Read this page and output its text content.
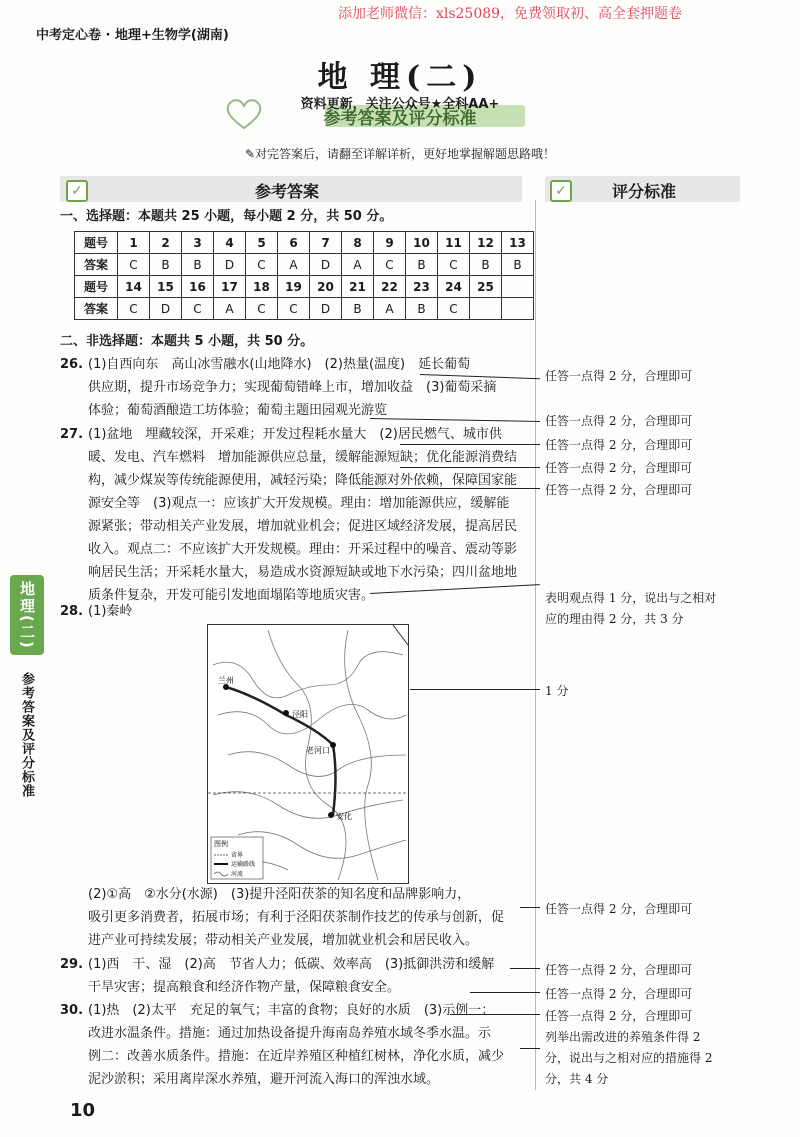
添加老师微信：xls25089，免费领取初、高全套押题卷
中考定心卷 · 地理+生物学(湖南)
地 理(二)
资料更新，关注公众号★全科AA+
参考答案及评分标准
✎对完答案后，请翻至详解详析，更好地掌握解题思路哦！
✓	参考答案	✓	评分标准
一、选择题：本题共 25 小题，每小题 2 分，共 50 分。
题号	1	2	3	4	5	6	7	8	9	10	11	12	13
答案	C	B	B	D	C	A	D	A	C	B	C	B	B
题号	14	15	16	17	18	19	20	21	22	23	24	25	
答案	C	D	C	A	C	C	D	B	A	B	C		
二、非选择题：本题共 5 小题，共 50 分。
26. (1)自西向东　高山冰雪融水(山地降水)　(2)热量(温度)　延长葡萄
供应期，提升市场竞争力；实现葡萄错峰上市，增加收益　(3)葡萄采摘
体验；葡萄酒酿造工坊体验；葡萄主题田园观光游览
27. (1)盆地　埋藏较深，开采难；开发过程耗水量大　(2)居民燃气、城市供
暖、发电、汽车燃料　增加能源供应总量，缓解能源短缺；优化能源消费结
构，减少煤炭等传统能源使用，减轻污染；降低能源对外依赖，保障国家能
源安全等　(3)观点一：应该扩大开发规模。理由：增加能源供应，缓解能
源紧张；带动相关产业发展，增加就业机会；促进区域经济发展，提高居民
收入。观点二：不应该扩大开发规模。理由：开采过程中的噪音、震动等影
响居民生活；开采耗水量大，易造成水资源短缺或地下水污染；四川盆地地
质条件复杂，开发可能引发地面塌陷等地质灾害。
28. (1)秦岭
兰州
泾阳
老河口
安化
图例
省界
运输路线
河流
(2)①高　②水分(水源)　(3)提升泾阳茯茶的知名度和品牌影响力，
吸引更多消费者，拓展市场；有利于泾阳茯茶制作技艺的传承与创新，促
进产业可持续发展；带动相关产业发展，增加就业机会和居民收入。
29. (1)西　干、湿　(2)高　节省人力；低碳、效率高　(3)抵御洪涝和缓解
干旱灾害；提高粮食和经济作物产量，保障粮食安全。
30. (1)热　(2)太平　充足的氧气；丰富的食物；良好的水质　(3)示例一：
改进水温条件。措施：通过加热设备提升海南岛养殖水域冬季水温。示
例二：改善水质条件。措施：在近岸养殖区种植红树林，净化水质，减少
泥沙淤积；采用离岸深水养殖，避开河流入海口的浑浊水域。
任答一点得 2 分，合理即可
任答一点得 2 分，合理即可
任答一点得 2 分，合理即可
任答一点得 2 分，合理即可
任答一点得 2 分，合理即可
表明观点得 1 分，说出与之相对
应的理由得 2 分，共 3 分
1 分
任答一点得 2 分，合理即可
任答一点得 2 分，合理即可
任答一点得 2 分，合理即可
任答一点得 2 分，合理即可
列举出需改进的养殖条件得 2
分，说出与之相对应的措施得 2
分，共 4 分
地理(二)
参考答案及评分标准
10
